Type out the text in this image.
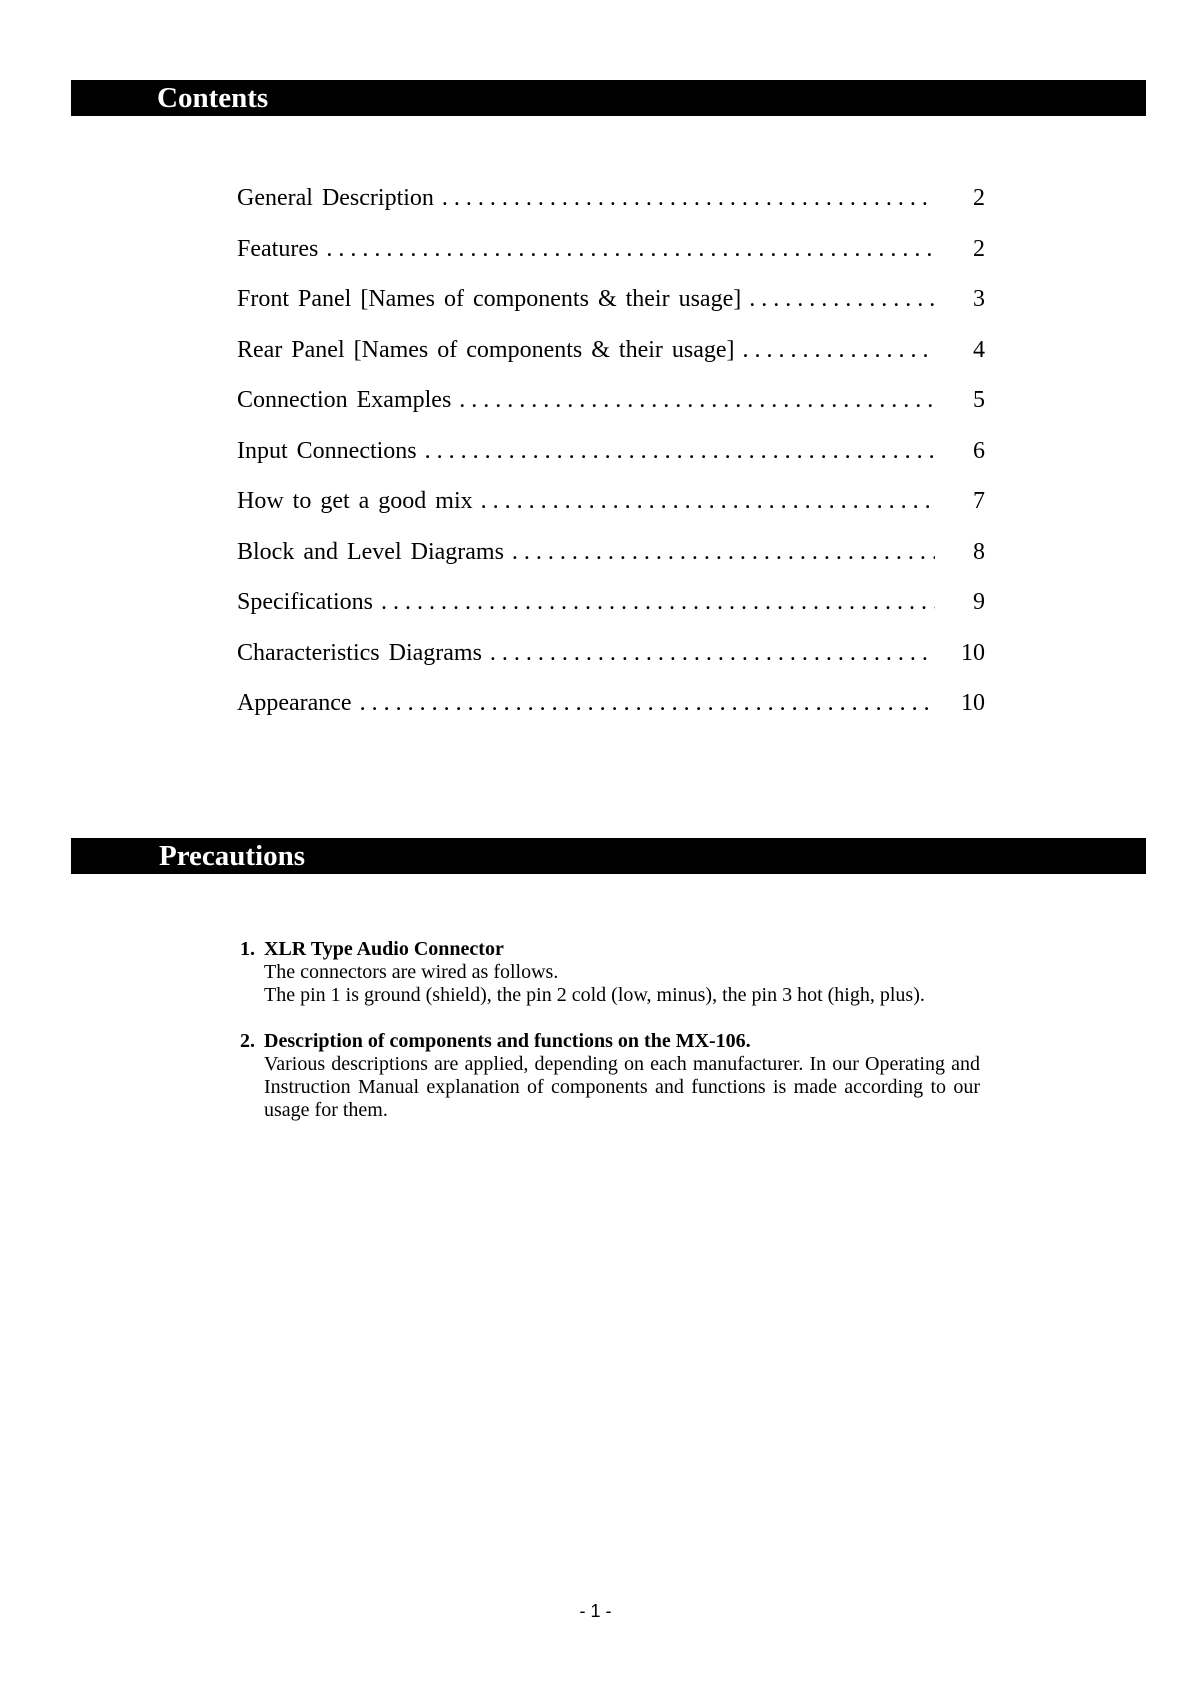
Contents
General Description . . .	2
Features . . .	2
Front Panel [Names of components & their usage] . . .	3
Rear Panel [Names of components & their usage] . . .	4
Connection Examples . . .	5
Input Connections . . .	6
How to get a good mix . . .	7
Block and Level Diagrams . . .	8
Specifications . . .	9
Characteristics Diagrams . . .	10
Appearance . . .	10
Precautions
1. XLR Type Audio Connector
The connectors are wired as follows.
The pin 1 is ground (shield), the pin 2 cold (low, minus), the pin 3 hot (high, plus).
2. Description of components and functions on the MX-106.
Various descriptions are applied, depending on each manufacturer. In our Operating and Instruction Manual explanation of components and functions is made according to our usage for them.
- 1 -
